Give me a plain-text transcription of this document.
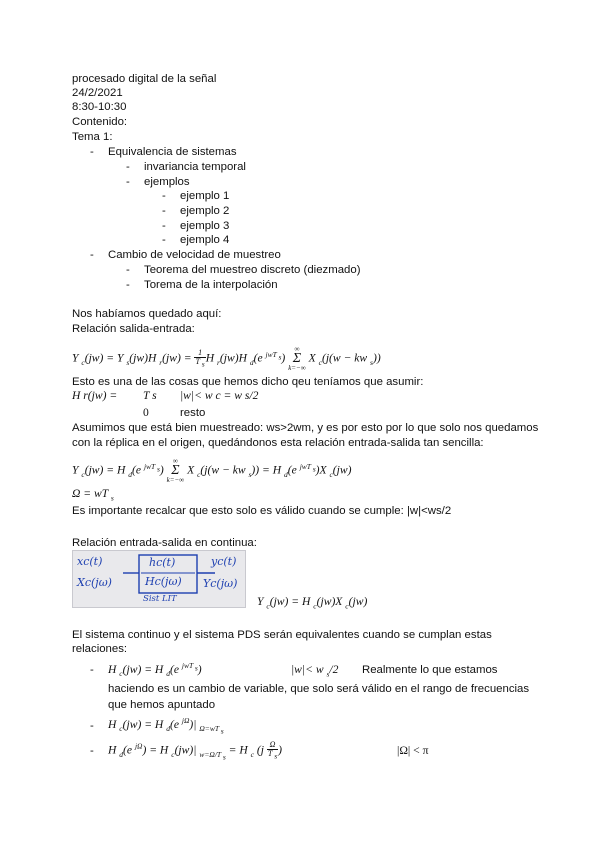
procesado digital de la señal
24/2/2021
8:30-10:30
Contenido:
Tema 1:
- Equivalencia de sistemas
- invariancia temporal
- ejemplos
- ejemplo 1
- ejemplo 2
- ejemplo 3
- ejemplo 4
- Cambio de velocidad de muestreo
- Teorema del muestreo discreto (diezmado)
- Torema de la interpolación
Nos habíamos quedado aquí:
Relación salida-entrada:
Y $_c$(jw) = Y $_s$(jw)H $_r$(jw) = 1
T $_s$H $_r$(jw)H $_d$(e $^{jwT _s}$) ∞
Σ
k=−∞ X $_c$(j(w − kw $_s$))
Esto es una de las cosas que hemos dicho qeu teníamos que asumir:
H r(jw) = T s |w|< w c = w s/2
0	resto
Asumimos que está bien muestreado: ws>2wm, y es por esto por lo que solo nos quedamos
con la réplica en el origen, quedándonos esta relación entrada-salida tan sencilla:
Y $_c$(jw) = H $_d$(e $^{jwT _s}$) ∞
Σ
k=−∞ X $_c$(j(w − kw $_s$)) = H $_d$(e $^{jwT _s}$)X $_c$(jw)
Ω = wT $_s$
Es importante recalcar que esto solo es válido cuando se cumple: |w|<ws/2
Relación entrada-salida en continua:
xc(t)
Xc(jω)
hc(t)
Hc(jω)
yc(t)
Yc(jω)
Sist LIT	Y $_c$(jw) = H $_c$(jw)X $_c$(jw)
El sistema continuo y el sistema PDS serán equivalentes cuando se cumplan estas
relaciones:
- H $_c$(jw) = H $_d$(e $^{jwT _s}$)	|w|< w $_s$/2 Realmente lo que estamos
haciendo es un cambio de variable, que solo será válido en el rango de frecuencias
que hemos apuntado
- H $_c$(jw) = H $_d$(e $^{j\Omega}$)| $_{\Omega=wT _s}$
- H $_d$(e $^{j\Omega}$) = H $_c$(jw)| $_{w=\Omega/T _s}$ = H $_c$ (j Ω
T $_s$)	|Ω| < π
